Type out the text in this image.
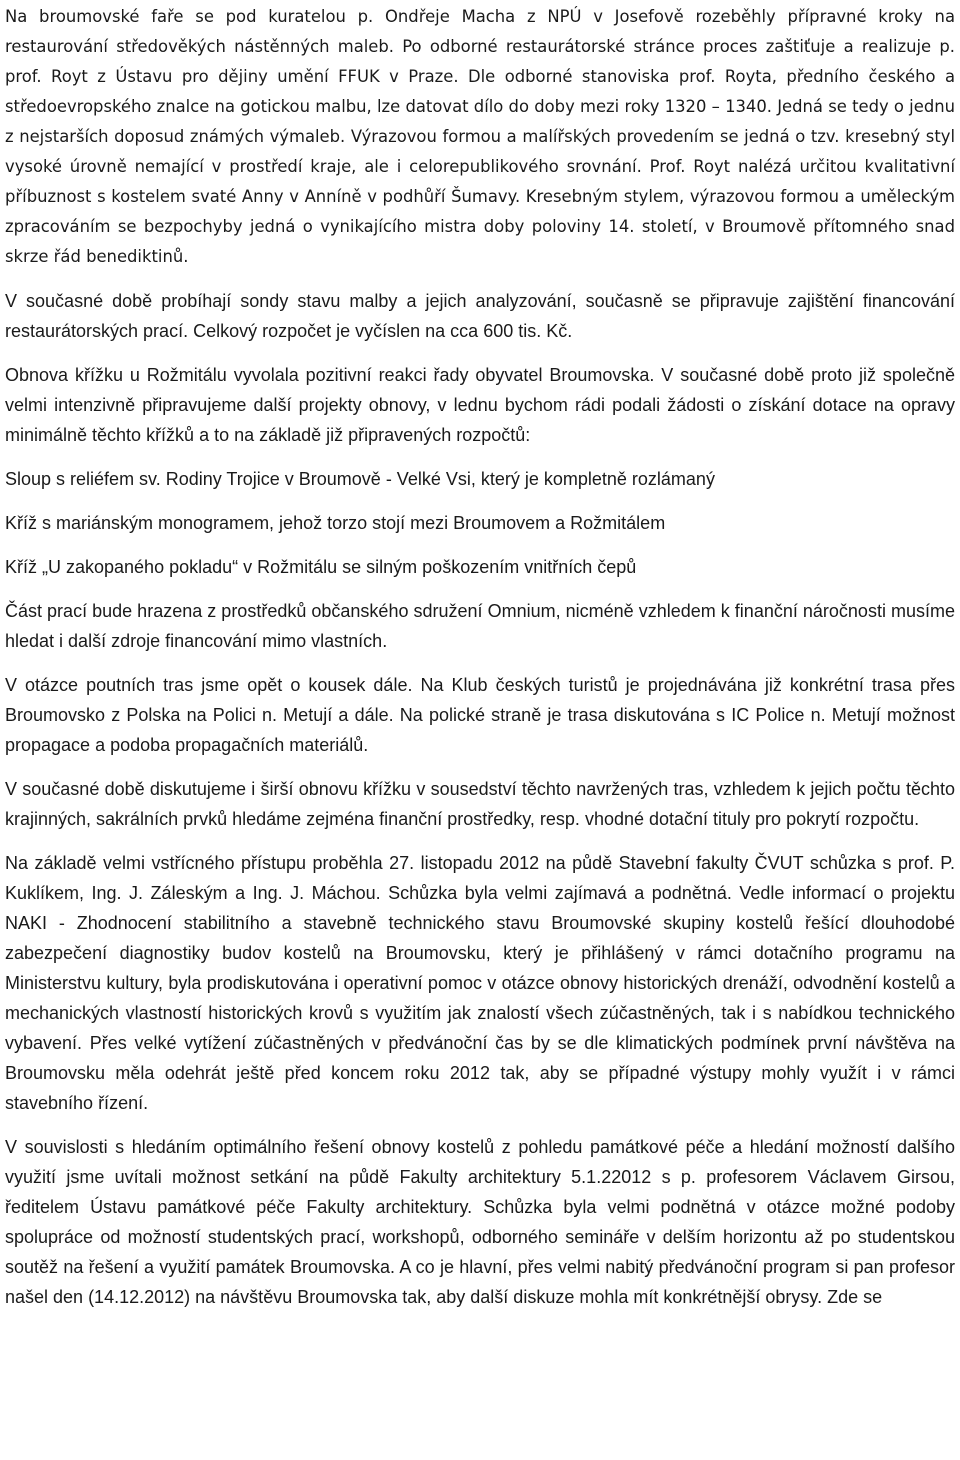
Na broumovské faře se pod kuratelou p. Ondřeje Macha z NPÚ v Josefově rozeběhly přípravné kroky na restaurování středověkých nástěnných maleb. Po odborné restaurátorské stránce proces zaštiťuje a realizuje p. prof. Royt z Ústavu pro dějiny umění FFUK v Praze. Dle odborné stanoviska prof. Royta, předního českého a středoevropského znalce na gotickou malbu, lze datovat dílo do doby mezi roky 1320 – 1340. Jedná se tedy o jednu z nejstarších doposud známých výmaleb. Výrazovou formou a malířských provedením se jedná o tzv. kresebný styl vysoké úrovně nemající v prostředí kraje, ale i celorepublikového srovnání. Prof. Royt nalézá určitou kvalitativní příbuznost s kostelem svaté Anny v Anníně v podhůří Šumavy. Kresebným stylem, výrazovou formou a uměleckým zpracováním se bezpochyby jedná o vynikajícího mistra doby poloviny 14. století, v Broumově přítomného snad skrze řád benediktinů.

V současné době probíhají sondy stavu malby a jejich analyzování, současně se připravuje zajištění financování restaurátorských prací. Celkový rozpočet je vyčíslen na cca 600 tis. Kč.

Obnova křížku u Rožmitálu vyvolala pozitivní reakci řady obyvatel Broumovska. V současné době proto již společně velmi intenzivně připravujeme další projekty obnovy, v lednu bychom rádi podali žádosti o získání dotace na opravy minimálně těchto křížků a to na základě již připravených rozpočtů:

Sloup s reliéfem sv. Rodiny Trojice v Broumově - Velké Vsi, který je kompletně rozlámaný

Kříž s mariánským monogramem, jehož torzo stojí mezi Broumovem a Rožmitálem

Kříž „U zakopaného pokladu“ v Rožmitálu se silným poškozením vnitřních čepů

Část prací bude hrazena z prostředků občanského sdružení Omnium, nicméně vzhledem k finanční náročnosti musíme hledat i další zdroje financování mimo vlastních.

V otázce poutních tras jsme opět o kousek dále. Na Klub českých turistů je projednávána již konkrétní trasa přes Broumovsko z Polska na Polici n. Metují a dále. Na polické straně je trasa diskutována s IC Police n. Metují možnost propagace a podoba propagačních materiálů.

V současné době diskutujeme i širší obnovu křížku v sousedství těchto navržených tras, vzhledem k jejich počtu těchto krajinných, sakrálních prvků hledáme zejména finanční prostředky, resp. vhodné dotační tituly pro pokrytí rozpočtu.

Na základě velmi vstřícného přístupu proběhla 27. listopadu 2012 na půdě Stavební fakulty ČVUT schůzka s prof. P. Kuklíkem, Ing. J. Záleským a Ing. J. Máchou. Schůzka byla velmi zajímavá a podnětná. Vedle informací o projektu NAKI - Zhodnocení stabilitního a stavebně technického stavu Broumovské skupiny kostelů řešící dlouhodobé zabezpečení diagnostiky budov kostelů na Broumovsku, který je přihlášený v rámci dotačního programu na Ministerstvu kultury, byla prodiskutována i operativní pomoc v otázce obnovy historických drenáží, odvodnění kostelů a mechanických vlastností historických krovů s využitím jak znalostí všech zúčastněných, tak i s nabídkou technického vybavení. Přes velké vytížení zúčastněných v předvánoční čas by se dle klimatických podmínek první návštěva na Broumovsku měla odehrát ještě před koncem roku 2012 tak, aby se případné výstupy mohly využít i v rámci stavebního řízení.

V souvislosti s hledáním optimálního řešení obnovy kostelů z pohledu památkové péče a hledání možností dalšího využití jsme uvítali možnost setkání na půdě Fakulty architektury 5.1.22012 s p. profesorem Václavem Girsou, ředitelem Ústavu památkové péče Fakulty architektury. Schůzka byla velmi podnětná v otázce možné podoby spolupráce od možností studentských prací, workshopů, odborného semináře v delším horizontu až po studentskou soutěž na řešení a využití památek Broumovska. A co je hlavní, přes velmi nabitý předvánoční program si pan profesor našel den (14.12.2012) na návštěvu Broumovska tak, aby další diskuze mohla mít konkrétnější obrysy. Zde se
